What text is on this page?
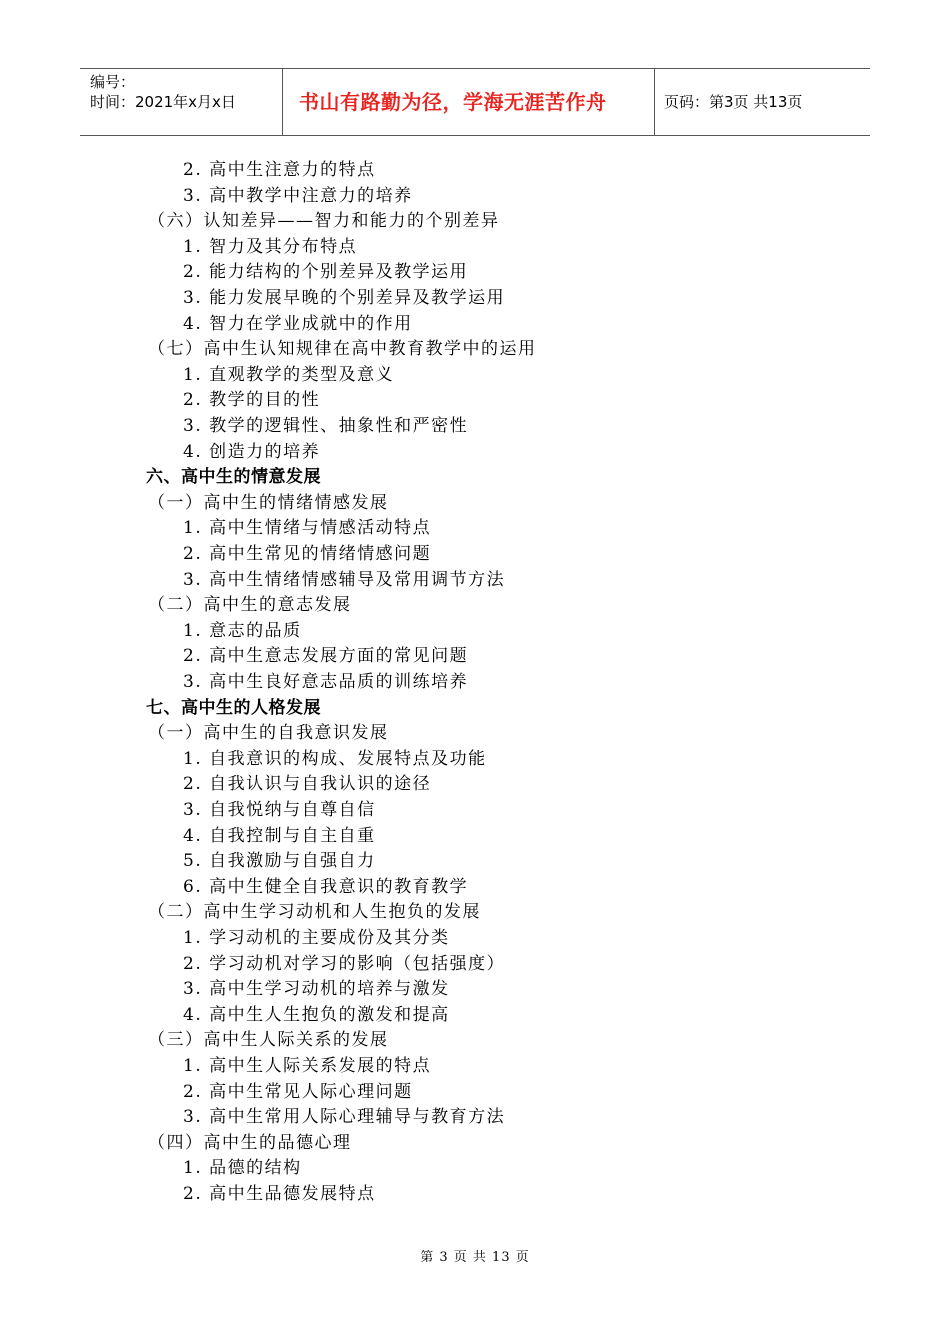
编号：
时间：2021年x月x日	书山有路勤为径，学海无涯苦作舟	页码：第3页 共13页
2. 高中生注意力的特点
3. 高中教学中注意力的培养
（六）认知差异——智力和能力的个别差异
1. 智力及其分布特点
2. 能力结构的个别差异及教学运用
3. 能力发展早晚的个别差异及教学运用
4. 智力在学业成就中的作用
（七）高中生认知规律在高中教育教学中的运用
1. 直观教学的类型及意义
2. 教学的目的性
3. 教学的逻辑性、抽象性和严密性
4. 创造力的培养
六、高中生的情意发展
（一）高中生的情绪情感发展
1. 高中生情绪与情感活动特点
2. 高中生常见的情绪情感问题
3. 高中生情绪情感辅导及常用调节方法
（二）高中生的意志发展
1. 意志的品质
2. 高中生意志发展方面的常见问题
3. 高中生良好意志品质的训练培养
七、高中生的人格发展
（一）高中生的自我意识发展
1. 自我意识的构成、发展特点及功能
2. 自我认识与自我认识的途径
3. 自我悦纳与自尊自信
4. 自我控制与自主自重
5. 自我激励与自强自力
6. 高中生健全自我意识的教育教学
（二）高中生学习动机和人生抱负的发展
1. 学习动机的主要成份及其分类
2. 学习动机对学习的影响（包括强度）
3. 高中生学习动机的培养与激发
4. 高中生人生抱负的激发和提高
（三）高中生人际关系的发展
1. 高中生人际关系发展的特点
2. 高中生常见人际心理问题
3. 高中生常用人际心理辅导与教育方法
（四）高中生的品德心理
1. 品德的结构
2. 高中生品德发展特点
第 3 页 共 13 页
